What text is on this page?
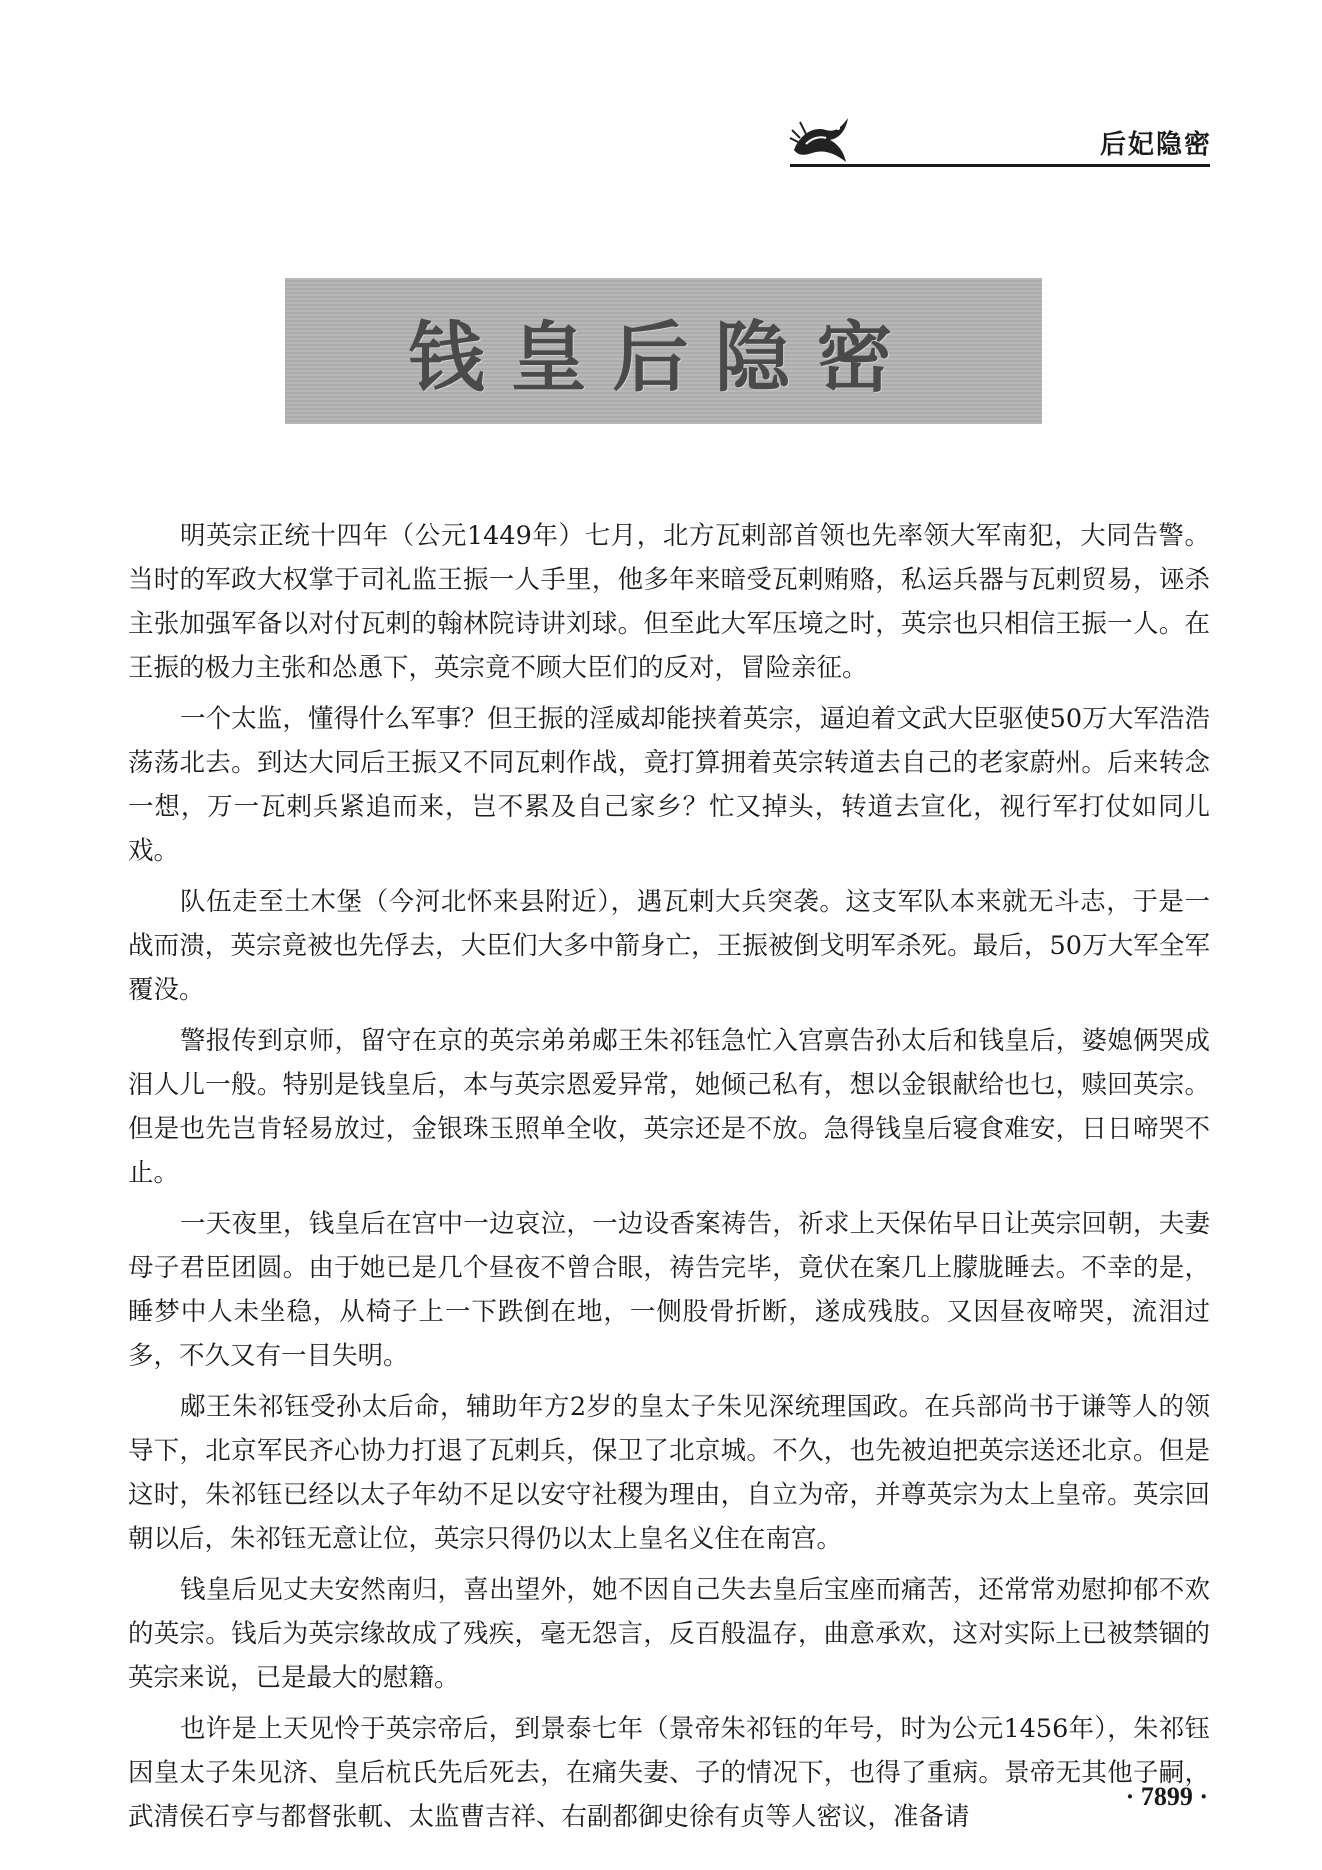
后妃隐密
钱皇后隐密

明英宗正统十四年（公元1449年）七月，北方瓦剌部首领也先率领大军南犯，大同告警。当时的军政大权掌于司礼监王振一人手里，他多年来暗受瓦剌贿赂，私运兵器与瓦剌贸易，诬杀主张加强军备以对付瓦剌的翰林院诗讲刘球。但至此大军压境之时，英宗也只相信王振一人。在王振的极力主张和怂恿下，英宗竟不顾大臣们的反对，冒险亲征。

一个太监，懂得什么军事？但王振的淫威却能挟着英宗，逼迫着文武大臣驱使50万大军浩浩荡荡北去。到达大同后王振又不同瓦剌作战，竟打算拥着英宗转道去自己的老家蔚州。后来转念一想，万一瓦剌兵紧追而来，岂不累及自己家乡？忙又掉头，转道去宣化，视行军打仗如同儿戏。

队伍走至土木堡（今河北怀来县附近），遇瓦剌大兵突袭。这支军队本来就无斗志，于是一战而溃，英宗竟被也先俘去，大臣们大多中箭身亡，王振被倒戈明军杀死。最后，50万大军全军覆没。

警报传到京师，留守在京的英宗弟弟郕王朱祁钰急忙入宫禀告孙太后和钱皇后，婆媳俩哭成泪人儿一般。特别是钱皇后，本与英宗恩爱异常，她倾己私有，想以金银献给也乜，赎回英宗。但是也先岂肯轻易放过，金银珠玉照单全收，英宗还是不放。急得钱皇后寝食难安，日日啼哭不止。

一天夜里，钱皇后在宫中一边哀泣，一边设香案祷告，祈求上天保佑早日让英宗回朝，夫妻母子君臣团圆。由于她已是几个昼夜不曾合眼，祷告完毕，竟伏在案几上朦胧睡去。不幸的是，睡梦中人未坐稳，从椅子上一下跌倒在地，一侧股骨折断，遂成残肢。又因昼夜啼哭，流泪过多，不久又有一目失明。

郕王朱祁钰受孙太后命，辅助年方2岁的皇太子朱见深统理国政。在兵部尚书于谦等人的领导下，北京军民齐心协力打退了瓦剌兵，保卫了北京城。不久，也先被迫把英宗送还北京。但是这时，朱祁钰已经以太子年幼不足以安守社稷为理由，自立为帝，并尊英宗为太上皇帝。英宗回朝以后，朱祁钰无意让位，英宗只得仍以太上皇名义住在南宫。

钱皇后见丈夫安然南归，喜出望外，她不因自己失去皇后宝座而痛苦，还常常劝慰抑郁不欢的英宗。钱后为英宗缘故成了残疾，毫无怨言，反百般温存，曲意承欢，这对实际上已被禁锢的英宗来说，已是最大的慰籍。

也许是上天见怜于英宗帝后，到景泰七年（景帝朱祁钰的年号，时为公元1456年），朱祁钰因皇太子朱见济、皇后杭氏先后死去，在痛失妻、子的情况下，也得了重病。景帝无其他子嗣，武清侯石亨与都督张軏、太监曹吉祥、右副都御史徐有贞等人密议，准备请

· 7899 ·
